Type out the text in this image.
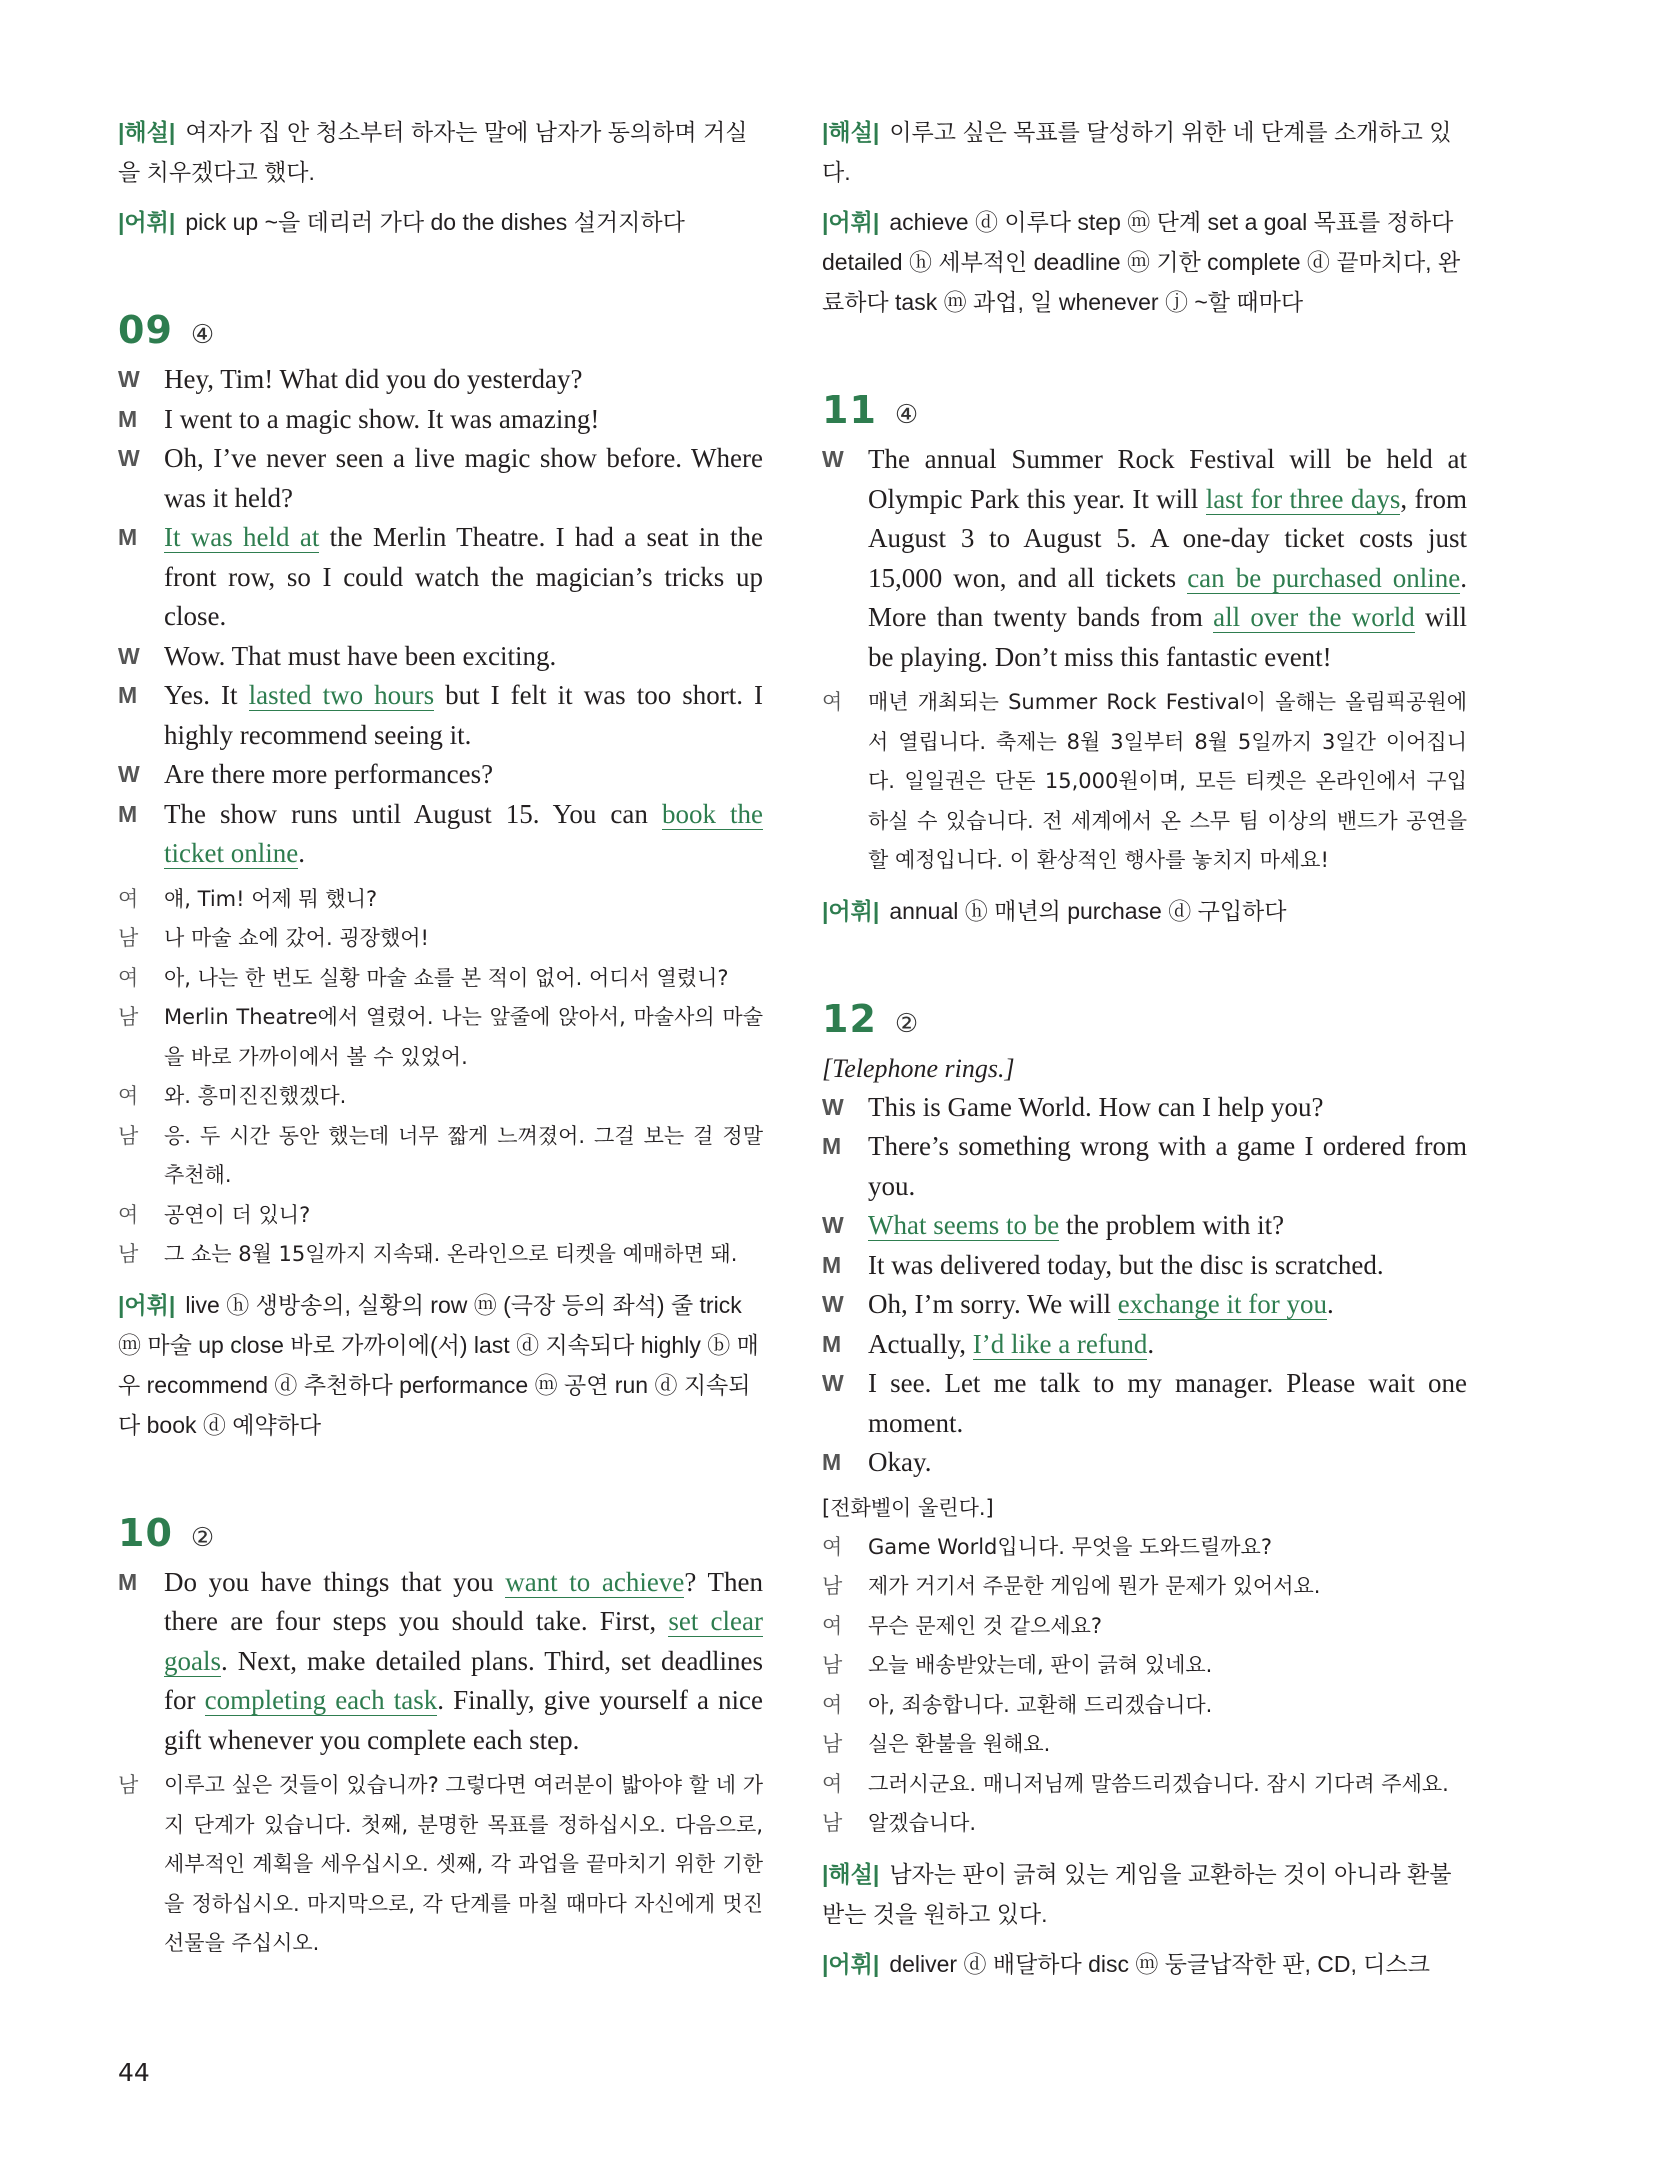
|해설| 여자가 집 안 청소부터 하자는 말에 남자가 동의하며 거실을 치우겠다고 했다.

|어휘| pick up ~을 데리러 가다 do the dishes 설거지하다

09 ④
W Hey, Tim! What did you do yesterday?
M I went to a magic show. It was amazing!
W Oh, I’ve never seen a live magic show before. Where was it held?
M It was held at the Merlin Theatre. I had a seat in the front row, so I could watch the magician’s tricks up close.
W Wow. That must have been exciting.
M Yes. It lasted two hours but I felt it was too short. I highly recommend seeing it.
W Are there more performances?
M The show runs until August 15. You can book the ticket online.
여	얘, Tim! 어제 뭐 했니?
남	나 마술 쇼에 갔어. 굉장했어!
여	아, 나는 한 번도 실황 마술 쇼를 본 적이 없어. 어디서 열렸니?
남	Merlin Theatre에서 열렸어. 나는 앞줄에 앉아서, 마술사의 마술을 바로 가까이에서 볼 수 있었어.
여	와. 흥미진진했겠다.
남	응. 두 시간 동안 했는데 너무 짧게 느껴졌어. 그걸 보는 걸 정말 추천해.
여	공연이 더 있니?
남	그 쇼는 8월 15일까지 지속돼. 온라인으로 티켓을 예매하면 돼.

|어휘| live ⓗ 생방송의, 실황의 row ⓜ (극장 등의 좌석) 줄 trick ⓜ 마술 up close 바로 가까이에(서) last ⓓ 지속되다 highly ⓑ 매우 recommend ⓓ 추천하다 performance ⓜ 공연 run ⓓ 지속되다 book ⓓ 예약하다

10 ②
M Do you have things that you want to achieve? Then there are four steps you should take. First, set clear goals. Next, make detailed plans. Third, set deadlines for completing each task. Finally, give yourself a nice gift whenever you complete each step.
남	이루고 싶은 것들이 있습니까? 그렇다면 여러분이 밟아야 할 네 가지 단계가 있습니다. 첫째, 분명한 목표를 정하십시오. 다음으로, 세부적인 계획을 세우십시오. 셋째, 각 과업을 끝마치기 위한 기한을 정하십시오. 마지막으로, 각 단계를 마칠 때마다 자신에게 멋진 선물을 주십시오.

|해설| 이루고 싶은 목표를 달성하기 위한 네 단계를 소개하고 있다.

|어휘| achieve ⓓ 이루다 step ⓜ 단계 set a goal 목표를 정하다 detailed ⓗ 세부적인 deadline ⓜ 기한 complete ⓓ 끝마치다, 완료하다 task ⓜ 과업, 일 whenever ⓙ ~할 때마다

11 ④
W The annual Summer Rock Festival will be held at Olympic Park this year. It will last for three days, from August 3 to August 5. A one-day ticket costs just 15,000 won, and all tickets can be purchased online. More than twenty bands from all over the world will be playing. Don’t miss this fantastic event!
여	매년 개최되는 Summer Rock Festival이 올해는 올림픽공원에서 열립니다. 축제는 8월 3일부터 8월 5일까지 3일간 이어집니다. 일일권은 단돈 15,000원이며, 모든 티켓은 온라인에서 구입하실 수 있습니다. 전 세계에서 온 스무 팀 이상의 밴드가 공연을 할 예정입니다. 이 환상적인 행사를 놓치지 마세요!

|어휘| annual ⓗ 매년의 purchase ⓓ 구입하다

12 ②
[Telephone rings.]
W This is Game World. How can I help you?
M There’s something wrong with a game I ordered from you.
W What seems to be the problem with it?
M It was delivered today, but the disc is scratched.
W Oh, I’m sorry. We will exchange it for you.
M Actually, I’d like a refund.
W I see. Let me talk to my manager. Please wait one moment.
M Okay.
[전화벨이 울린다.]
여	Game World입니다. 무엇을 도와드릴까요?
남	제가 거기서 주문한 게임에 뭔가 문제가 있어서요.
여	무슨 문제인 것 같으세요?
남	오늘 배송받았는데, 판이 긁혀 있네요.
여	아, 죄송합니다. 교환해 드리겠습니다.
남	실은 환불을 원해요.
여	그러시군요. 매니저님께 말씀드리겠습니다. 잠시 기다려 주세요.
남	알겠습니다.

|해설| 남자는 판이 긁혀 있는 게임을 교환하는 것이 아니라 환불받는 것을 원하고 있다.

|어휘| deliver ⓓ 배달하다 disc ⓜ 둥글납작한 판, CD, 디스크

44
